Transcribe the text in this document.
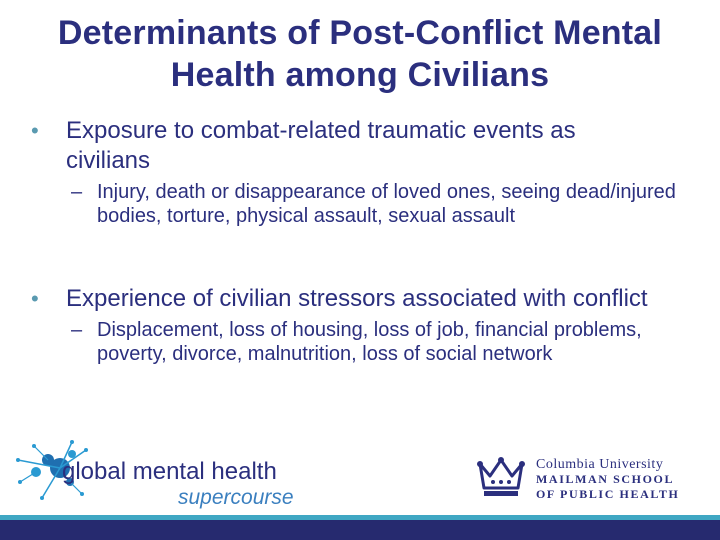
Determinants of Post-Conflict Mental
Health among Civilians
• Exposure to combat-related traumatic events as civilians
– Injury, death or disappearance of loved ones, seeing dead/injured bodies, torture, physical assault, sexual assault
• Experience of civilian stressors associated with conflict
– Displacement, loss of housing, loss of job, financial problems, poverty, divorce, malnutrition, loss of social network
global mental health
supercourse
Columbia University
MAILMAN SCHOOL
OF PUBLIC HEALTH
